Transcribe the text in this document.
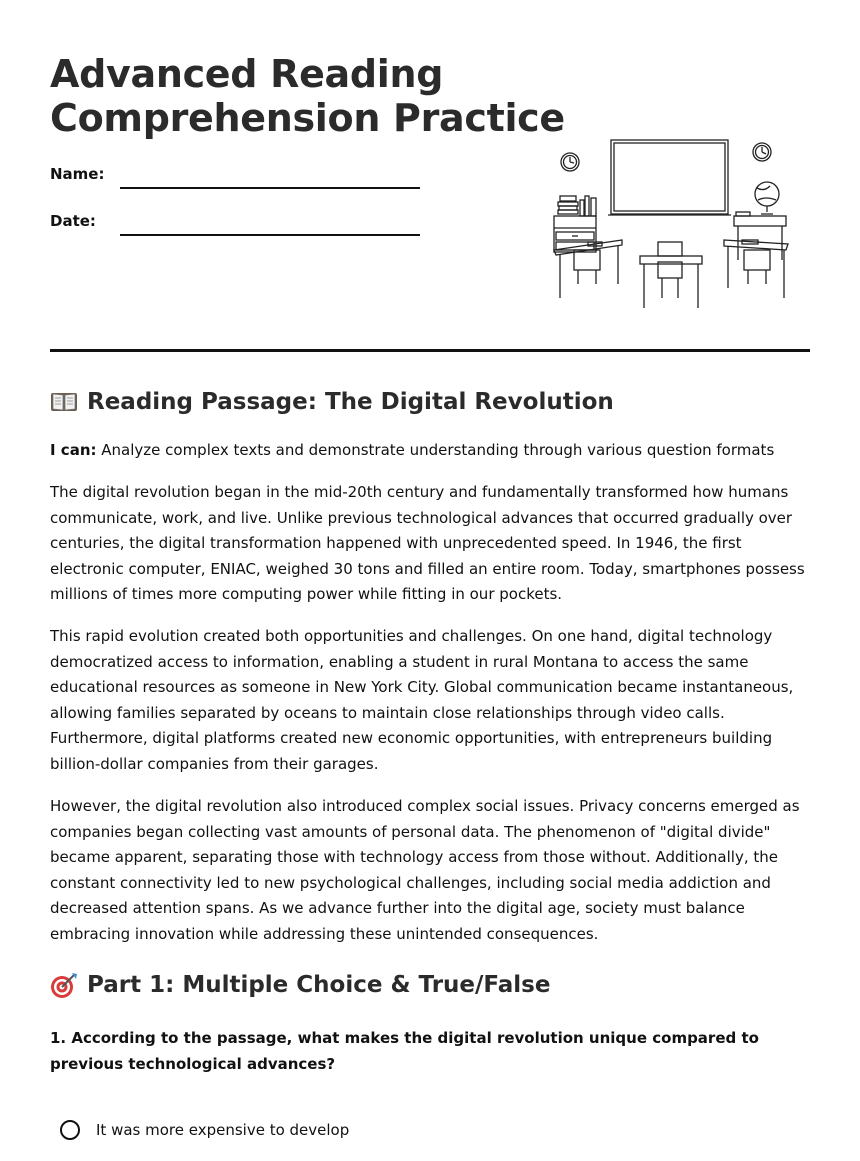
Advanced Reading
Comprehension Practice
Name:
Date:
Reading Passage: The Digital Revolution

I can: Analyze complex texts and demonstrate understanding through various question formats

The digital revolution began in the mid-20th century and fundamentally transformed how humans communicate, work, and live. Unlike previous technological advances that occurred gradually over centuries, the digital transformation happened with unprecedented speed. In 1946, the first electronic computer, ENIAC, weighed 30 tons and filled an entire room. Today, smartphones possess millions of times more computing power while fitting in our pockets.

This rapid evolution created both opportunities and challenges. On one hand, digital technology democratized access to information, enabling a student in rural Montana to access the same educational resources as someone in New York City. Global communication became instantaneous, allowing families separated by oceans to maintain close relationships through video calls. Furthermore, digital platforms created new economic opportunities, with entrepreneurs building billion-dollar companies from their garages.

However, the digital revolution also introduced complex social issues. Privacy concerns emerged as companies began collecting vast amounts of personal data. The phenomenon of "digital divide" became apparent, separating those with technology access from those without. Additionally, the constant connectivity led to new psychological challenges, including social media addiction and decreased attention spans. As we advance further into the digital age, society must balance embracing innovation while addressing these unintended consequences.

Part 1: Multiple Choice & True/False

1. According to the passage, what makes the digital revolution unique compared to previous technological advances?

It was more expensive to develop
